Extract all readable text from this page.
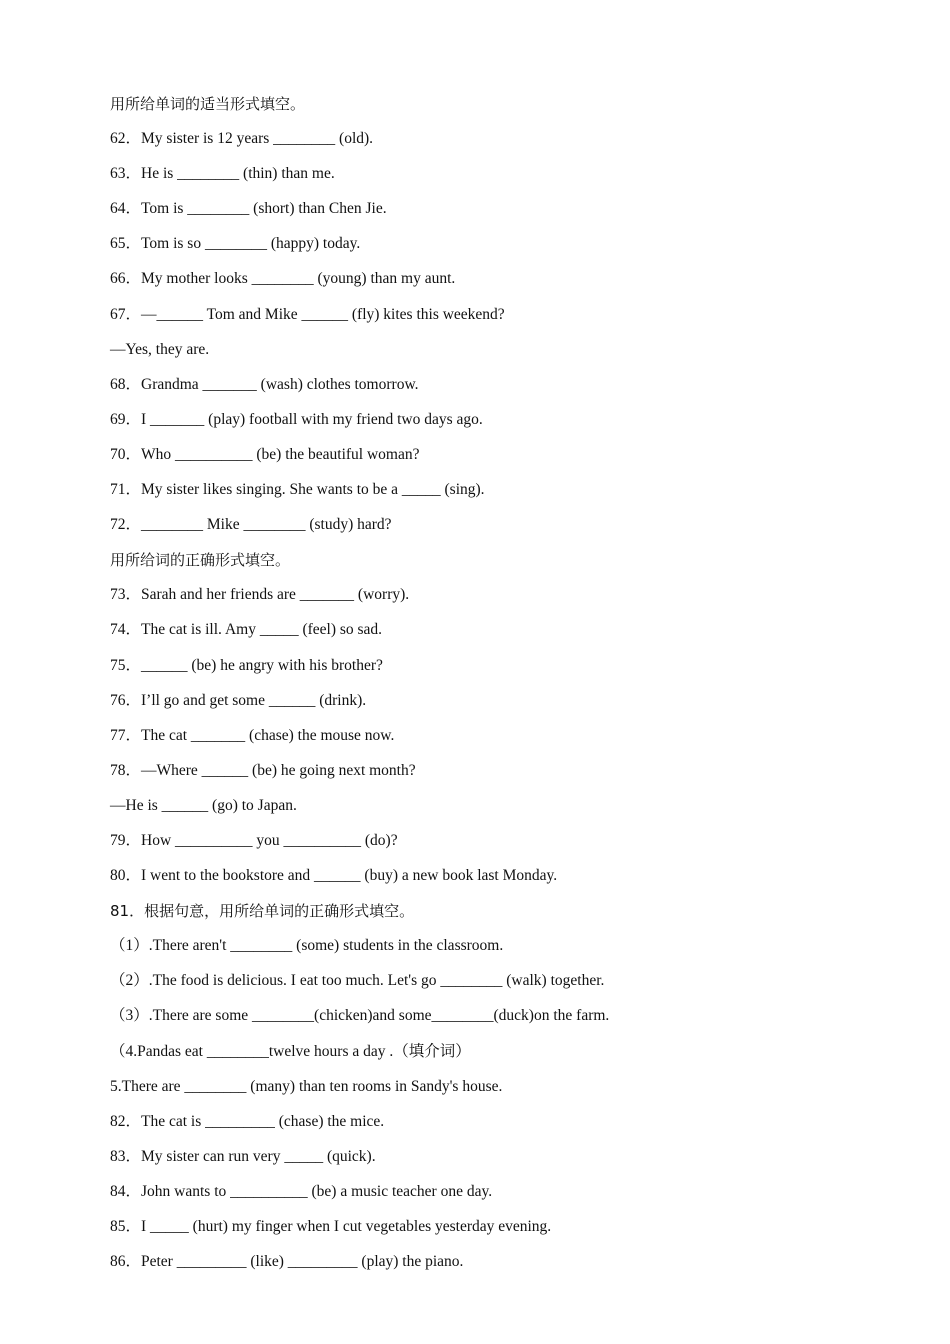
用所给单词的适当形式填空。
62．My sister is 12 years ________ (old).
63．He is ________ (thin) than me.
64．Tom is ________ (short) than Chen Jie.
65．Tom is so ________ (happy) today.
66．My mother looks ________ (young) than my aunt.
67．—______ Tom and Mike ______ (fly) kites this weekend?
—Yes, they are.
68．Grandma _______ (wash) clothes tomorrow.
69．I _______ (play) football with my friend two days ago.
70．Who __________ (be) the beautiful woman?
71．My sister likes singing. She wants to be a _____ (sing).
72．________ Mike ________ (study) hard?
用所给词的正确形式填空。
73．Sarah and her friends are _______ (worry).
74．The cat is ill. Amy _____ (feel) so sad.
75．______ (be) he angry with his brother?
76．I’ll go and get some ______ (drink).
77．The cat _______ (chase) the mouse now.
78．—Where ______ (be) he going next month?
—He is ______ (go) to Japan.
79．How __________ you __________ (do)?
80．I went to the bookstore and ______ (buy) a new book last Monday.
81．根据句意，用所给单词的正确形式填空。
（1）.There aren't ________ (some) students in the classroom.
（2）.The food is delicious. I eat too much. Let's go ________ (walk) together.
（3）.There are some ________(chicken)and some________(duck)on the farm.
（4.Pandas eat ________twelve hours a day .（填介词）
5.There are ________ (many) than ten rooms in Sandy's house.
82．The cat is _________ (chase) the mice.
83．My sister can run very _____ (quick).
84．John wants to __________ (be) a music teacher one day.
85．I _____ (hurt) my finger when I cut vegetables yesterday evening.
86．Peter _________ (like) _________ (play) the piano.
